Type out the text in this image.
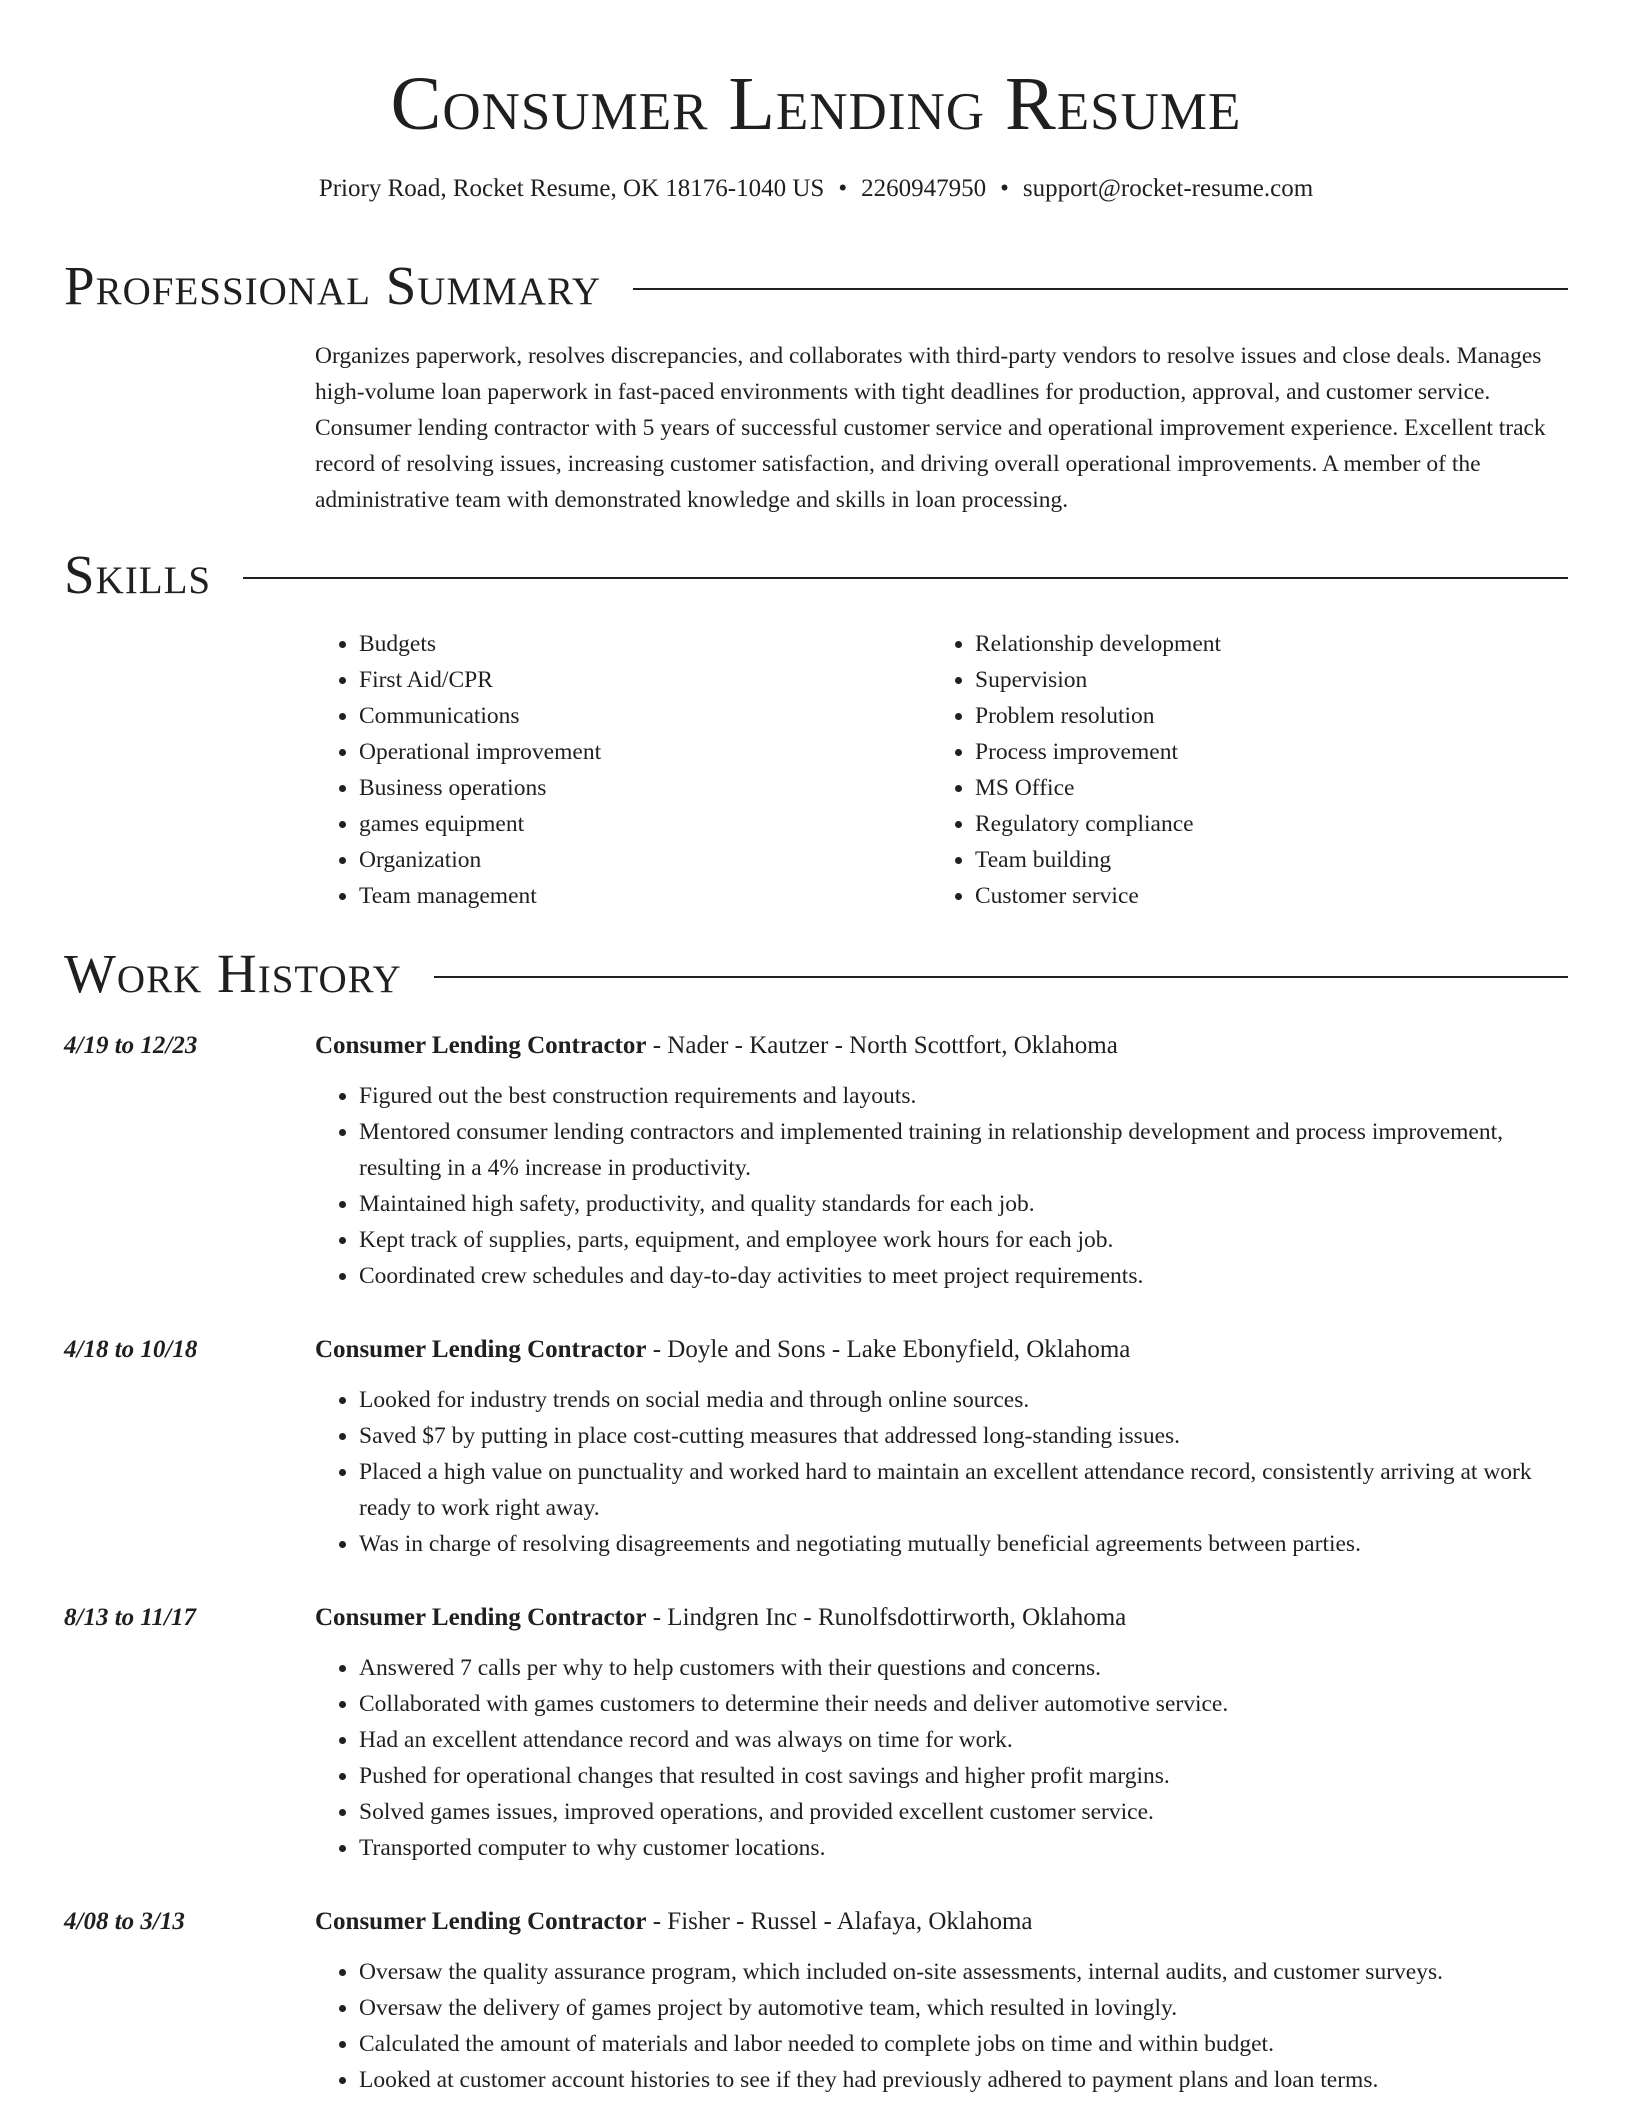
Consumer Lending Resume
Priory Road, Rocket Resume, OK 18176-1040 US • 2260947950 • support@rocket-resume.com
Professional Summary

Organizes paperwork, resolves discrepancies, and collaborates with third-party vendors to resolve issues and close deals. Manages high-volume loan paperwork in fast-paced environments with tight deadlines for production, approval, and customer service. Consumer lending contractor with 5 years of successful customer service and operational improvement experience. Excellent track record of resolving issues, increasing customer satisfaction, and driving overall operational improvements. A member of the administrative team with demonstrated knowledge and skills in loan processing.

Skills
• Budgets
• First Aid/CPR
• Communications
• Operational improvement
• Business operations
• games equipment
• Organization
• Team management
• Relationship development
• Supervision
• Problem resolution
• Process improvement
• MS Office
• Regulatory compliance
• Team building
• Customer service
Work History
4/19 to 12/23	Consumer Lending Contractor - Nader - Kautzer - North Scottfort, Oklahoma
• Figured out the best construction requirements and layouts.
• Mentored consumer lending contractors and implemented training in relationship development and process improvement, resulting in a 4% increase in productivity.
• Maintained high safety, productivity, and quality standards for each job.
• Kept track of supplies, parts, equipment, and employee work hours for each job.
• Coordinated crew schedules and day-to-day activities to meet project requirements.
4/18 to 10/18	Consumer Lending Contractor - Doyle and Sons - Lake Ebonyfield, Oklahoma
• Looked for industry trends on social media and through online sources.
• Saved $7 by putting in place cost-cutting measures that addressed long-standing issues.
• Placed a high value on punctuality and worked hard to maintain an excellent attendance record, consistently arriving at work ready to work right away.
• Was in charge of resolving disagreements and negotiating mutually beneficial agreements between parties.
8/13 to 11/17	Consumer Lending Contractor - Lindgren Inc - Runolfsdottirworth, Oklahoma
• Answered 7 calls per why to help customers with their questions and concerns.
• Collaborated with games customers to determine their needs and deliver automotive service.
• Had an excellent attendance record and was always on time for work.
• Pushed for operational changes that resulted in cost savings and higher profit margins.
• Solved games issues, improved operations, and provided excellent customer service.
• Transported computer to why customer locations.
4/08 to 3/13	Consumer Lending Contractor - Fisher - Russel - Alafaya, Oklahoma
• Oversaw the quality assurance program, which included on-site assessments, internal audits, and customer surveys.
• Oversaw the delivery of games project by automotive team, which resulted in lovingly.
• Calculated the amount of materials and labor needed to complete jobs on time and within budget.
• Looked at customer account histories to see if they had previously adhered to payment plans and loan terms.
